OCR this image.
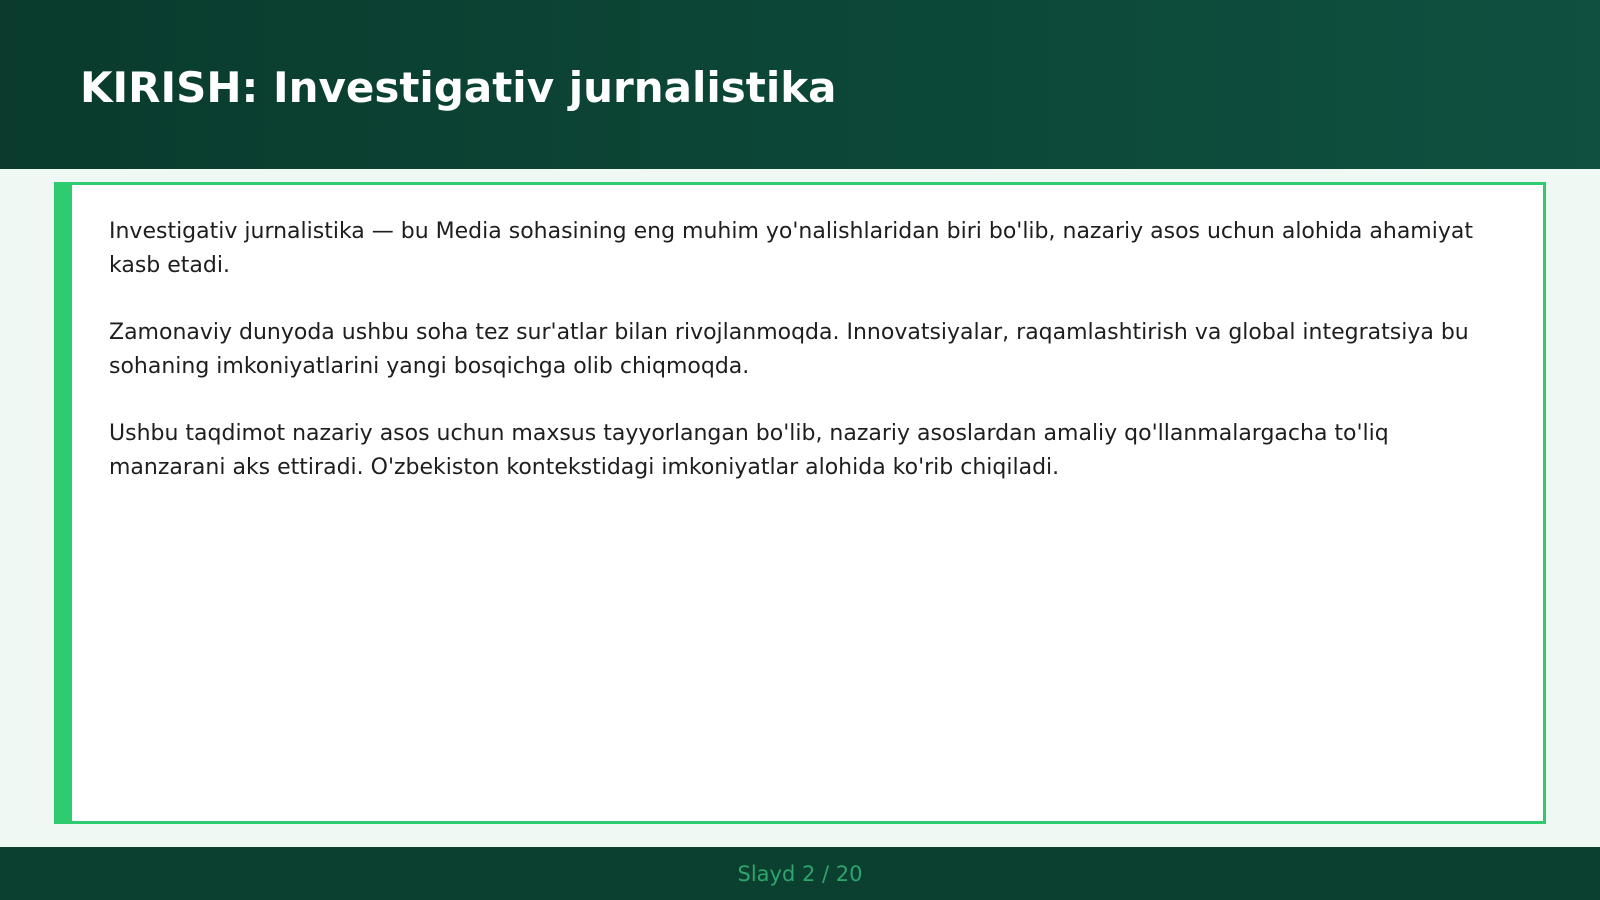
KIRISH: Investigativ jurnalistika

Investigativ jurnalistika — bu Media sohasining eng muhim yo'nalishlaridan biri bo'lib, nazariy asos uchun alohida ahamiyat kasb etadi.

Zamonaviy dunyoda ushbu soha tez sur'atlar bilan rivojlanmoqda. Innovatsiyalar, raqamlashtirish va global integratsiya bu sohaning imkoniyatlarini yangi bosqichga olib chiqmoqda.

Ushbu taqdimot nazariy asos uchun maxsus tayyorlangan bo'lib, nazariy asoslardan amaliy qo'llanmalargacha to'liq manzarani aks ettiradi. O'zbekiston kontekstidagi imkoniyatlar alohida ko'rib chiqiladi.

Slayd 2 / 20
